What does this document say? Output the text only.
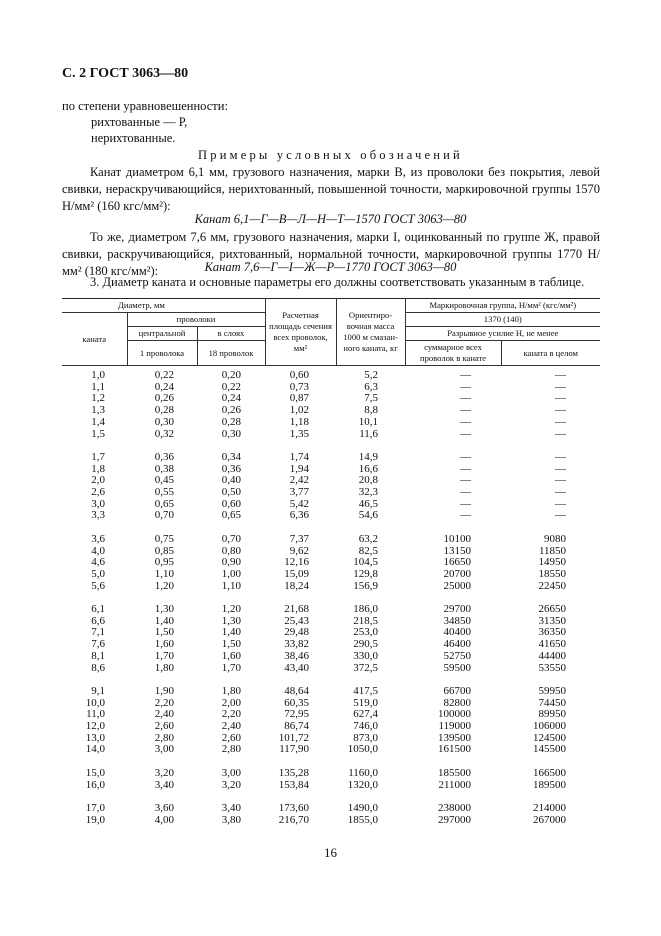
С. 2 ГОСТ 3063—80
по степени уравновешенности:
рихтованные — Р,
нерихтованные.
Примеры условных обозначений
Канат диаметром 6,1 мм, грузового назначения, марки В, из проволоки без покрытия, левой свивки, нераскручивающийся, нерихтованный, повышенной точности, маркировочной группы 1570 Н/мм² (160 кгс/мм²):
Канат 6,1—Г—В—Л—Н—Т—1570 ГОСТ 3063—80
То же, диаметром 7,6 мм, грузового назначения, марки I, оцинкованный по группе Ж, правой свивки, раскручивающийся, рихтованный, нормальной точности, маркировочной группы 1770 Н/мм² (180 кгс/мм²):	Канат 7,6—Г—I—Ж—Р—1770 ГОСТ 3063—80
3. Диаметр каната и основные параметры его должны соответствовать указанным в таблице.
Диаметр, мм			Расчетная площадь сечения всех проволок, мм²	Ориентиро-вочная масса 1000 м смазан-ного каната, кг	Маркировочная группа, Н/мм² (кгс/мм²)	
каната	проволоки				1370 (140)	
	центральной	в слоях			Разрывное усилие Н, не менее	
	1 проволока	18 проволок			суммарное всех проволок в канате	каната в целом
1,0	0,22	0,20	0,60	5,2	—	—
1,1	0,24	0,22	0,73	6,3	—	—
1,2	0,26	0,24	0,87	7,5	—	—
1,3	0,28	0,26	1,02	8,8	—	—
1,4	0,30	0,28	1,18	10,1	—	—
1,5	0,32	0,30	1,35	11,6	—	—

1,7	0,36	0,34	1,74	14,9	—	—
1,8	0,38	0,36	1,94	16,6	—	—
2,0	0,45	0,40	2,42	20,8	—	—
2,6	0,55	0,50	3,77	32,3	—	—
3,0	0,65	0,60	5,42	46,5	—	—
3,3	0,70	0,65	6,36	54,6	—	—

3,6	0,75	0,70	7,37	63,2	10100	9080
4,0	0,85	0,80	9,62	82,5	13150	11850
4,6	0,95	0,90	12,16	104,5	16650	14950
5,0	1,10	1,00	15,09	129,8	20700	18550
5,6	1,20	1,10	18,24	156,9	25000	22450

6,1	1,30	1,20	21,68	186,0	29700	26650
6,6	1,40	1,30	25,43	218,5	34850	31350
7,1	1,50	1,40	29,48	253,0	40400	36350
7,6	1,60	1,50	33,82	290,5	46400	41650
8,1	1,70	1,60	38,46	330,0	52750	44400
8,6	1,80	1,70	43,40	372,5	59500	53550

9,1	1,90	1,80	48,64	417,5	66700	59950
10,0	2,20	2,00	60,35	519,0	82800	74450
11,0	2,40	2,20	72,95	627,4	100000	89950
12,0	2,60	2,40	86,74	746,0	119000	106000
13,0	2,80	2,60	101,72	873,0	139500	124500
14,0	3,00	2,80	117,90	1050,0	161500	145500

15,0	3,20	3,00	135,28	1160,0	185500	166500
16,0	3,40	3,20	153,84	1320,0	211000	189500

17,0	3,60	3,40	173,60	1490,0	238000	214000
19,0	4,00	3,80	216,70	1855,0	297000	267000
16
